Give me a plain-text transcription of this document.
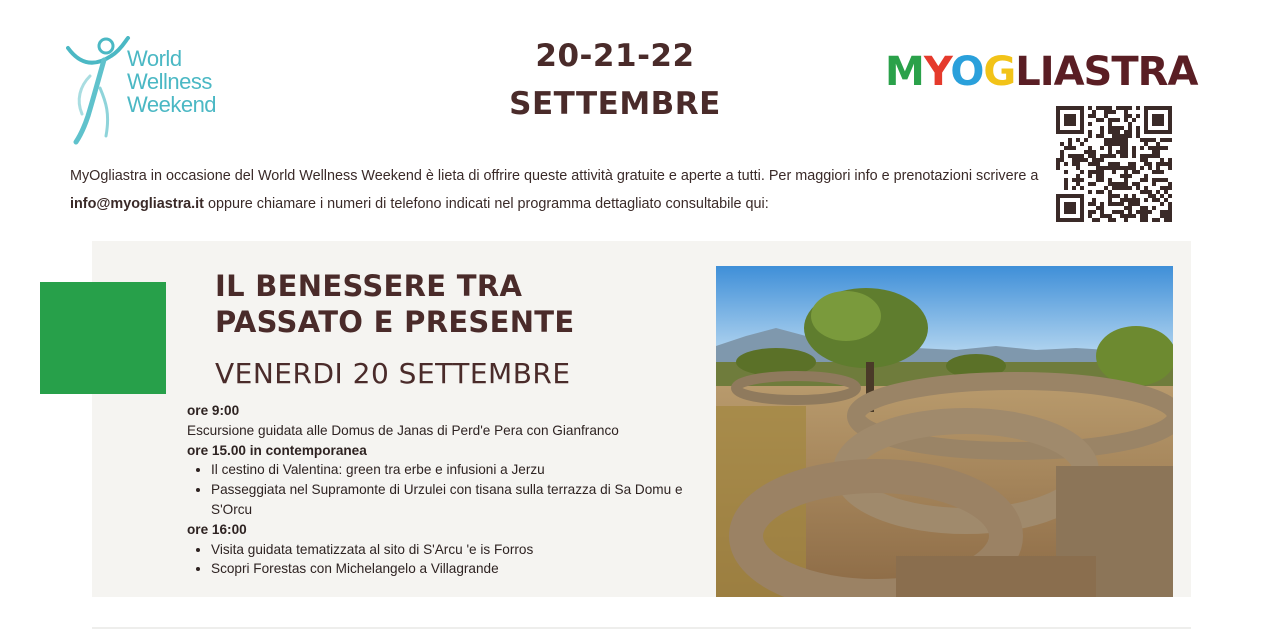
World
Wellness
Weekend
20-21-22
SETTEMBRE
MYOGLIASTRA
MyOgliastra in occasione del World Wellness Weekend è lieta di offrire queste attività gratuite e aperte a tutti. Per maggiori info e prenotazioni scrivere a info@myogliastra.it oppure chiamare i numeri di telefono indicati nel programma dettagliato consultabile qui:
IL BENESSERE TRA
PASSATO E PRESENTE
VENERDI 20 SETTEMBRE
ore 9:00
Escursione guidata alle Domus de Janas di Perd'e Pera con Gianfranco
ore 15.00 in contemporanea
• Il cestino di Valentina: green tra erbe e infusioni a Jerzu
• Passeggiata nel Supramonte di Urzulei con tisana sulla terrazza di Sa Domu e S'Orcu
ore 16:00
• Visita guidata tematizzata al sito di S'Arcu 'e is Forros
• Scopri Forestas con Michelangelo a Villagrande
